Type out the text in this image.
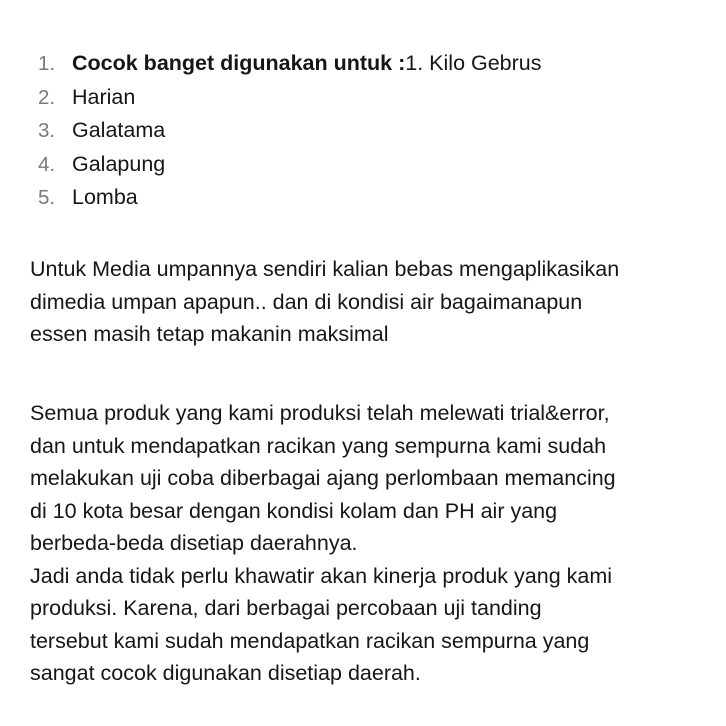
1. Cocok banget digunakan untuk :1. Kilo Gebrus
2. Harian
3. Galatama
4. Galapung
5. Lomba

Untuk Media umpannya sendiri kalian bebas mengaplikasikan
dimedia umpan apapun.. dan di kondisi air bagaimanapun
essen masih tetap makanin maksimal

Semua produk yang kami produksi telah melewati trial&error,
dan untuk mendapatkan racikan yang sempurna kami sudah
melakukan uji coba diberbagai ajang perlombaan memancing
di 10 kota besar dengan kondisi kolam dan PH air yang
berbeda-beda disetiap daerahnya.
Jadi anda tidak perlu khawatir akan kinerja produk yang kami
produksi. Karena, dari berbagai percobaan uji tanding
tersebut kami sudah mendapatkan racikan sempurna yang
sangat cocok digunakan disetiap daerah.
